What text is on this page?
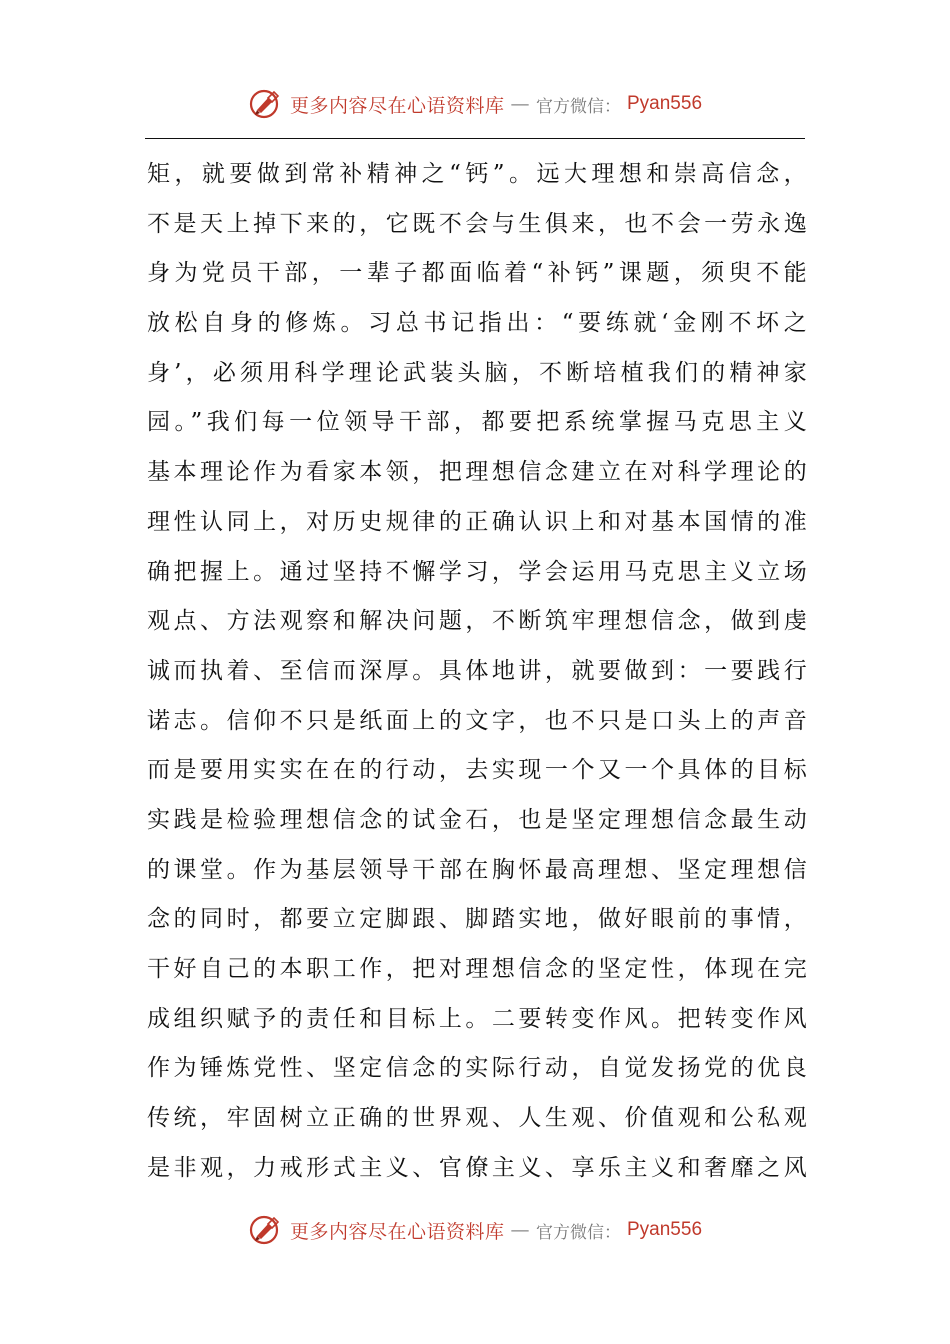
更多内容尽在心语资料库 — 官方微信： Pyan556
矩，就要做到常补精神之“钙”。远大理想和崇高信念，
不是天上掉下来的，它既不会与生俱来，也不会一劳永逸
身为党员干部，一辈子都面临着“补钙”课题，须臾不能
放松自身的修炼。习总书记指出：“要练就‘金刚不坏之
身’，必须用科学理论武装头脑，不断培植我们的精神家
园。”我们每一位领导干部，都要把系统掌握马克思主义
基本理论作为看家本领，把理想信念建立在对科学理论的
理性认同上，对历史规律的正确认识上和对基本国情的准
确把握上。通过坚持不懈学习，学会运用马克思主义立场
观点、方法观察和解决问题，不断筑牢理想信念，做到虔
诚而执着、至信而深厚。具体地讲，就要做到：一要践行
诺志。信仰不只是纸面上的文字，也不只是口头上的声音
而是要用实实在在的行动，去实现一个又一个具体的目标
实践是检验理想信念的试金石，也是坚定理想信念最生动
的课堂。作为基层领导干部在胸怀最高理想、坚定理想信
念的同时，都要立定脚跟、脚踏实地，做好眼前的事情，
干好自己的本职工作，把对理想信念的坚定性，体现在完
成组织赋予的责任和目标上。二要转变作风。把转变作风
作为锤炼党性、坚定信念的实际行动，自觉发扬党的优良
传统，牢固树立正确的世界观、人生观、价值观和公私观
是非观，力戒形式主义、官僚主义、享乐主义和奢靡之风
更多内容尽在心语资料库 — 官方微信： Pyan556
